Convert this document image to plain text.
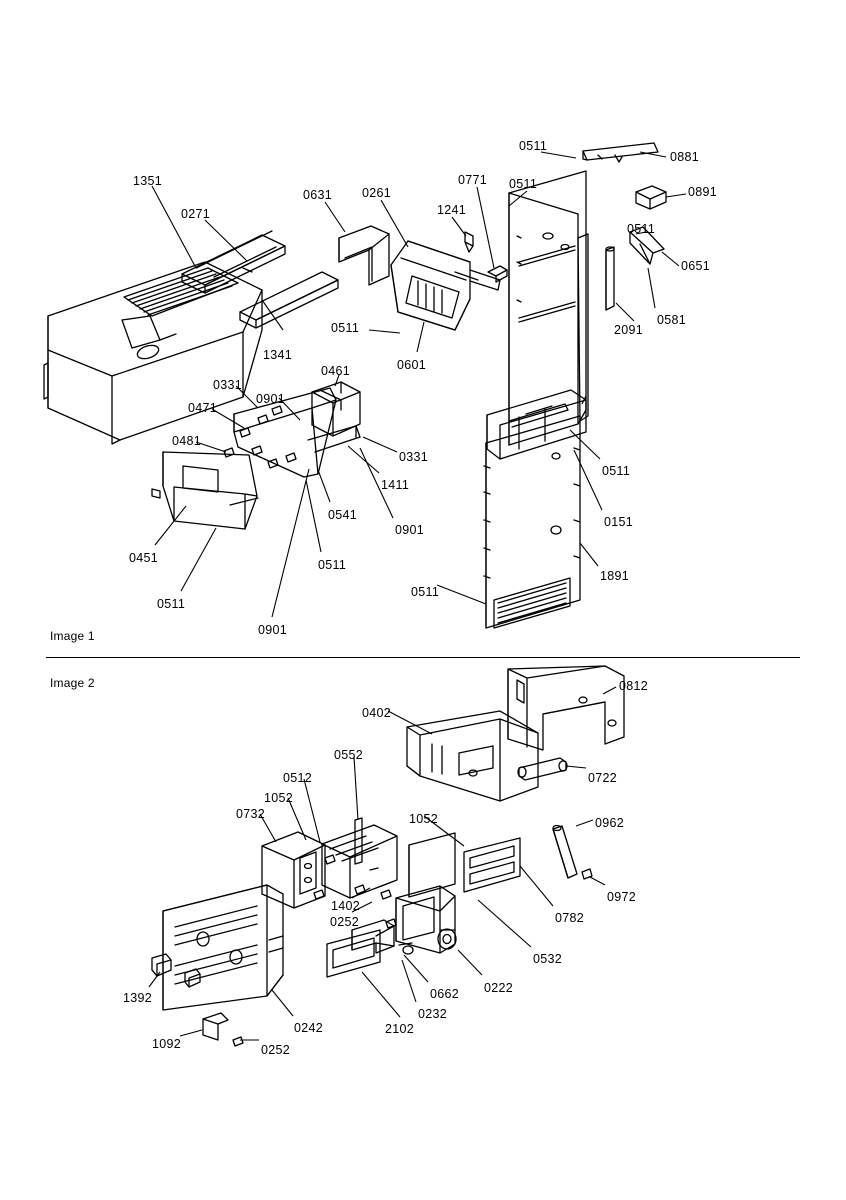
Image 1
Image 2
1351
0271
0631 0261
1241
0771
0511
0881
0891
0511
0511
0651
0581
2091
1341
0511
0601
0461
0331
0901
0471
0481
0331
1411
0541
0901
0511
0451
0511
0901
0511
0151
1891
0511
0812
0402
0722
0552
0512
1052
0732	1052	0962
0972
0782
1402
0252
0532
0222
0662
0232
2102
1392
0242
1092	0252
